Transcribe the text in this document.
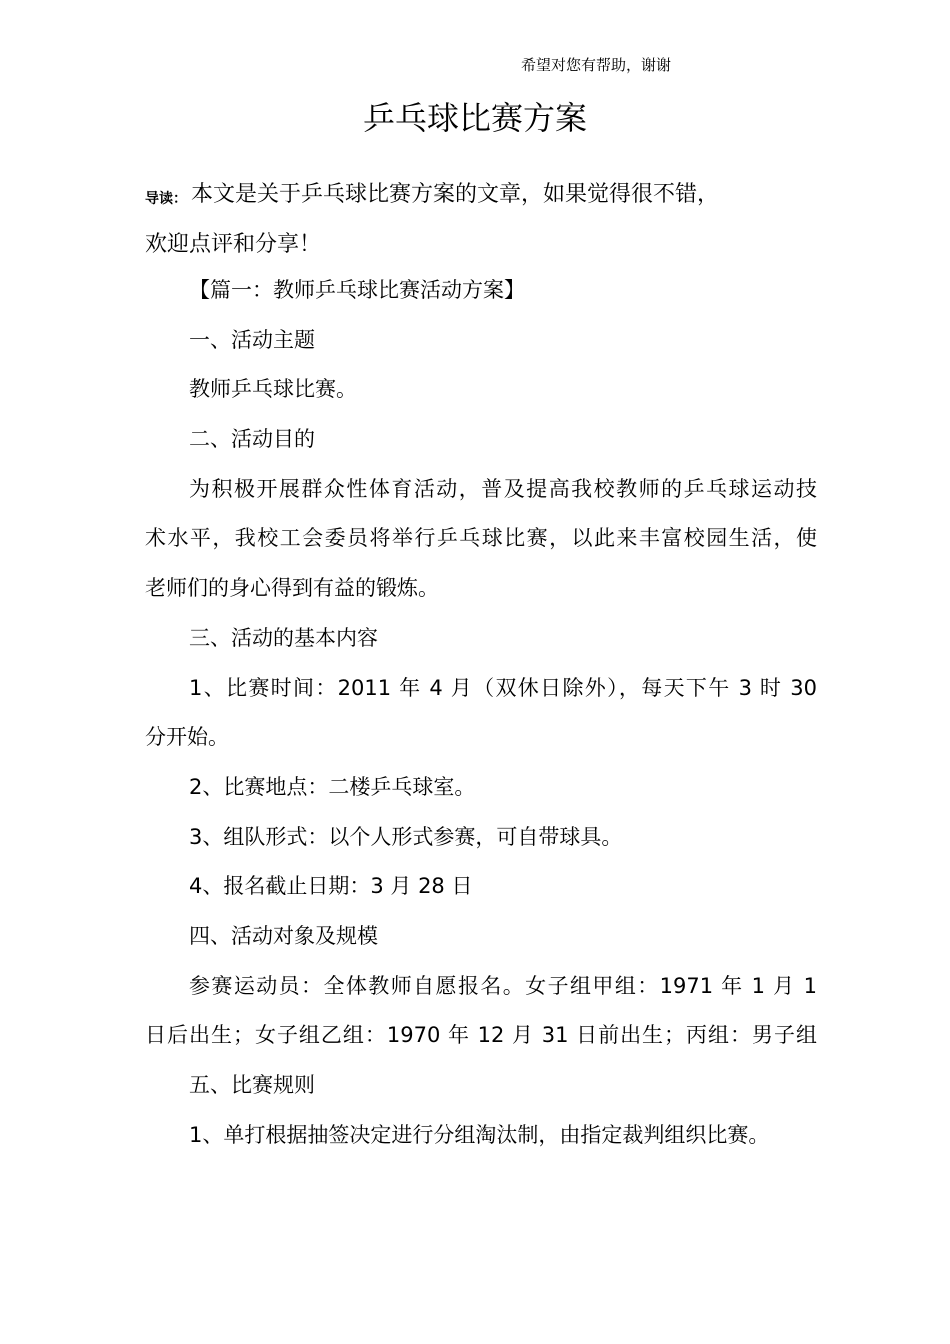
希望对您有帮助，谢谢
乒乓球比赛方案
导读： 本文是关于乒乓球比赛方案的文章，如果觉得很不错，
欢迎点评和分享！
【篇一：教师乒乓球比赛活动方案】
一、活动主题
教师乒乓球比赛。
二、活动目的
为积极开展群众性体育活动，普及提高我校教师的乒乓球运动技
术水平，我校工会委员将举行乒乓球比赛，以此来丰富校园生活，使
老师们的身心得到有益的锻炼。
三、活动的基本内容
1、比赛时间：2011 年 4 月（双休日除外），每天下午 3 时 30
分开始。
2、比赛地点：二楼乒乓球室。
3、组队形式：以个人形式参赛，可自带球具。
4、报名截止日期：3 月 28 日
四、活动对象及规模
参赛运动员：全体教师自愿报名。女子组甲组：1971 年 1 月 1
日后出生；女子组乙组：1970 年 12 月 31 日前出生；丙组：男子组
五、比赛规则
1、单打根据抽签决定进行分组淘汰制，由指定裁判组织比赛。
